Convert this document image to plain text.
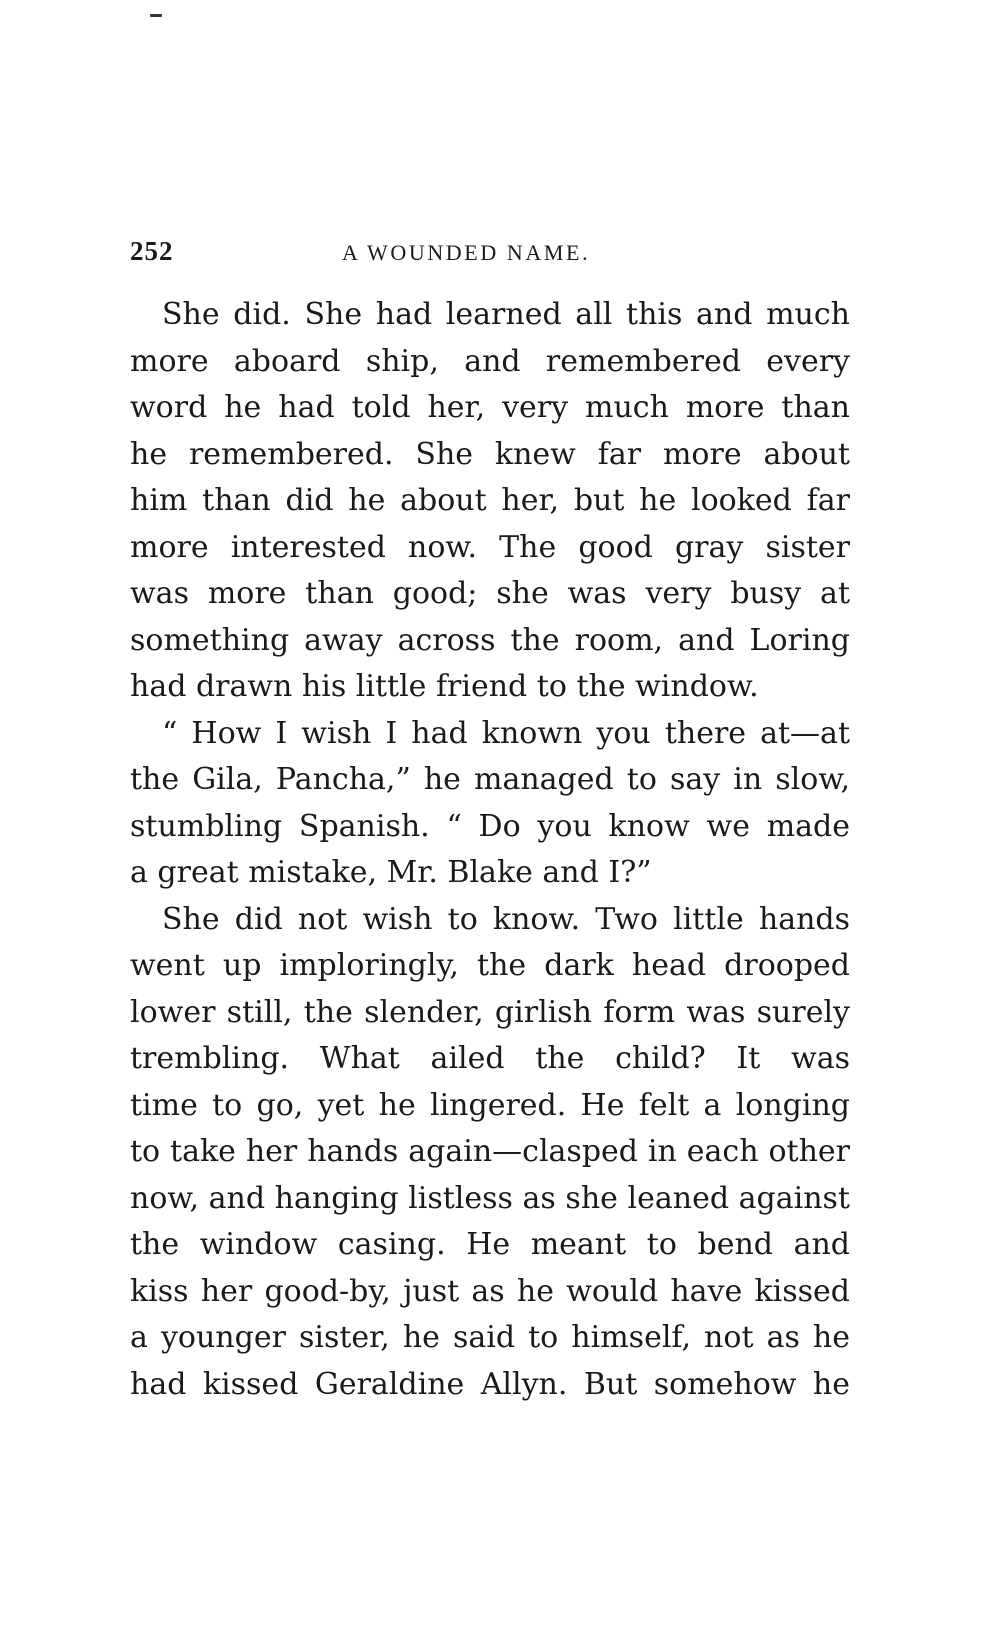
252	A WOUNDED NAME.
She did. She had learned all this and much
more aboard ship, and remembered every
word he had told her, very much more than
he remembered. She knew far more about
him than did he about her, but he looked far
more interested now. The good gray sister
was more than good; she was very busy at
something away across the room, and Loring
had drawn his little friend to the window.
“ How I wish I had known you there at—at
the Gila, Pancha,” he managed to say in slow,
stumbling Spanish. “ Do you know we made
a great mistake, Mr. Blake and I?”
She did not wish to know. Two little hands
went up imploringly, the dark head drooped
lower still, the slender, girlish form was surely
trembling. What ailed the child? It was
time to go, yet he lingered. He felt a longing
to take her hands again—clasped in each other
now, and hanging listless as she leaned against
the window casing. He meant to bend and
kiss her good-by, just as he would have kissed
a younger sister, he said to himself, not as he
had kissed Geraldine Allyn. But somehow he
